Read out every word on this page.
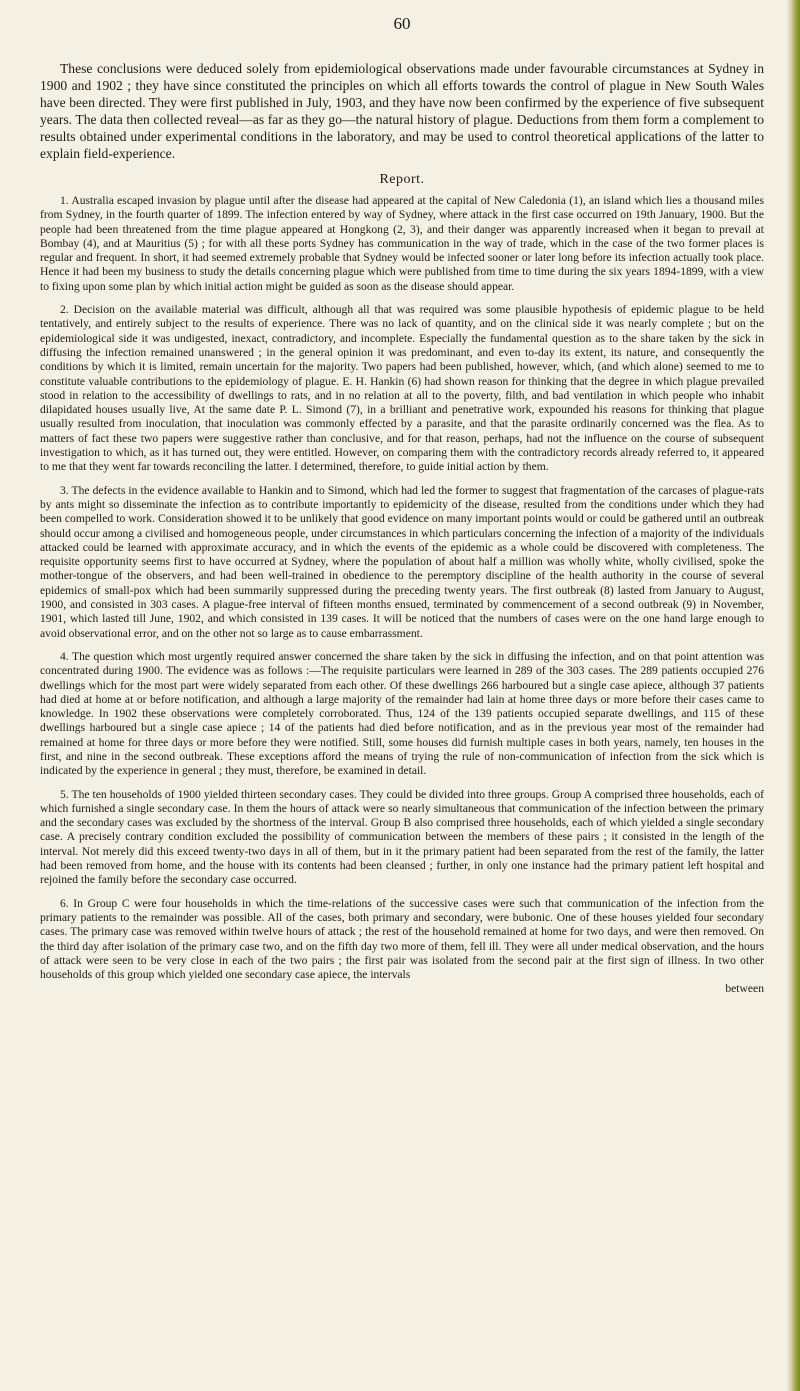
60

These conclusions were deduced solely from epidemiological observations made under favourable circumstances at Sydney in 1900 and 1902 ; they have since constituted the principles on which all efforts towards the control of plague in New South Wales have been directed. They were first published in July, 1903, and they have now been confirmed by the experience of five subsequent years. The data then collected reveal—as far as they go—the natural history of plague. Deductions from them form a complement to results obtained under experimental conditions in the laboratory, and may be used to control theoretical applications of the latter to explain field-experience.

Report.

1. Australia escaped invasion by plague until after the disease had appeared at the capital of New Caledonia (1), an island which lies a thousand miles from Sydney, in the fourth quarter of 1899. The infection entered by way of Sydney, where attack in the first case occurred on 19th January, 1900. But the people had been threatened from the time plague appeared at Hongkong (2, 3), and their danger was apparently increased when it began to prevail at Bombay (4), and at Mauritius (5) ; for with all these ports Sydney has communication in the way of trade, which in the case of the two former places is regular and frequent. In short, it had seemed extremely probable that Sydney would be infected sooner or later long before its infection actually took place. Hence it had been my business to study the details concerning plague which were published from time to time during the six years 1894-1899, with a view to fixing upon some plan by which initial action might be guided as soon as the disease should appear.

2. Decision on the available material was difficult, although all that was required was some plausible hypothesis of epidemic plague to be held tentatively, and entirely subject to the results of experience. There was no lack of quantity, and on the clinical side it was nearly complete ; but on the epidemiological side it was undigested, inexact, contradictory, and incomplete. Especially the fundamental question as to the share taken by the sick in diffusing the infection remained unanswered ; in the general opinion it was predominant, and even to-day its extent, its nature, and consequently the conditions by which it is limited, remain uncertain for the majority. Two papers had been published, however, which, (and which alone) seemed to me to constitute valuable contributions to the epidemiology of plague. E. H. Hankin (6) had shown reason for thinking that the degree in which plague prevailed stood in relation to the accessibility of dwellings to rats, and in no relation at all to the poverty, filth, and bad ventilation in which people who inhabit dilapidated houses usually live, At the same date P. L. Simond (7), in a brilliant and penetrative work, expounded his reasons for thinking that plague usually resulted from inoculation, that inoculation was commonly effected by a parasite, and that the parasite ordinarily concerned was the flea. As to matters of fact these two papers were suggestive rather than conclusive, and for that reason, perhaps, had not the influence on the course of subsequent investigation to which, as it has turned out, they were entitled. However, on comparing them with the contradictory records already referred to, it appeared to me that they went far towards reconciling the latter. I determined, therefore, to guide initial action by them.

3. The defects in the evidence available to Hankin and to Simond, which had led the former to suggest that fragmentation of the carcases of plague-rats by ants might so disseminate the infection as to contribute importantly to epidemicity of the disease, resulted from the conditions under which they had been compelled to work. Consideration showed it to be unlikely that good evidence on many important points would or could be gathered until an outbreak should occur among a civilised and homogeneous people, under circumstances in which particulars concerning the infection of a majority of the individuals attacked could be learned with approximate accuracy, and in which the events of the epidemic as a whole could be discovered with completeness. The requisite opportunity seems first to have occurred at Sydney, where the population of about half a million was wholly white, wholly civilised, spoke the mother-tongue of the observers, and had been well-trained in obedience to the peremptory discipline of the health authority in the course of several epidemics of small-pox which had been summarily suppressed during the preceding twenty years. The first outbreak (8) lasted from January to August, 1900, and consisted in 303 cases. A plague-free interval of fifteen months ensued, terminated by commencement of a second outbreak (9) in November, 1901, which lasted till June, 1902, and which consisted in 139 cases. It will be noticed that the numbers of cases were on the one hand large enough to avoid observational error, and on the other not so large as to cause embarrassment.

4. The question which most urgently required answer concerned the share taken by the sick in diffusing the infection, and on that point attention was concentrated during 1900. The evidence was as follows :—The requisite particulars were learned in 289 of the 303 cases. The 289 patients occupied 276 dwellings which for the most part were widely separated from each other. Of these dwellings 266 harboured but a single case apiece, although 37 patients had died at home at or before notification, and although a large majority of the remainder had lain at home three days or more before their cases came to knowledge. In 1902 these observations were completely corroborated. Thus, 124 of the 139 patients occupied separate dwellings, and 115 of these dwellings harboured but a single case apiece ; 14 of the patients had died before notification, and as in the previous year most of the remainder had remained at home for three days or more before they were notified. Still, some houses did furnish multiple cases in both years, namely, ten houses in the first, and nine in the second outbreak. These exceptions afford the means of trying the rule of non-communication of infection from the sick which is indicated by the experience in general ; they must, therefore, be examined in detail.

5. The ten households of 1900 yielded thirteen secondary cases. They could be divided into three groups. Group A comprised three households, each of which furnished a single secondary case. In them the hours of attack were so nearly simultaneous that communication of the infection between the primary and the secondary cases was excluded by the shortness of the interval. Group B also comprised three households, each of which yielded a single secondary case. A precisely contrary condition excluded the possibility of communication between the members of these pairs ; it consisted in the length of the interval. Not merely did this exceed twenty-two days in all of them, but in it the primary patient had been separated from the rest of the family, the latter had been removed from home, and the house with its contents had been cleansed ; further, in only one instance had the primary patient left hospital and rejoined the family before the secondary case occurred.

6. In Group C were four households in which the time-relations of the successive cases were such that communication of the infection from the primary patients to the remainder was possible. All of the cases, both primary and secondary, were bubonic. One of these houses yielded four secondary cases. The primary case was removed within twelve hours of attack ; the rest of the household remained at home for two days, and were then removed. On the third day after isolation of the primary case two, and on the fifth day two more of them, fell ill. They were all under medical observation, and the hours of attack were seen to be very close in each of the two pairs ; the first pair was isolated from the second pair at the first sign of illness. In two other households of this group which yielded one secondary case apiece, the intervals

between
